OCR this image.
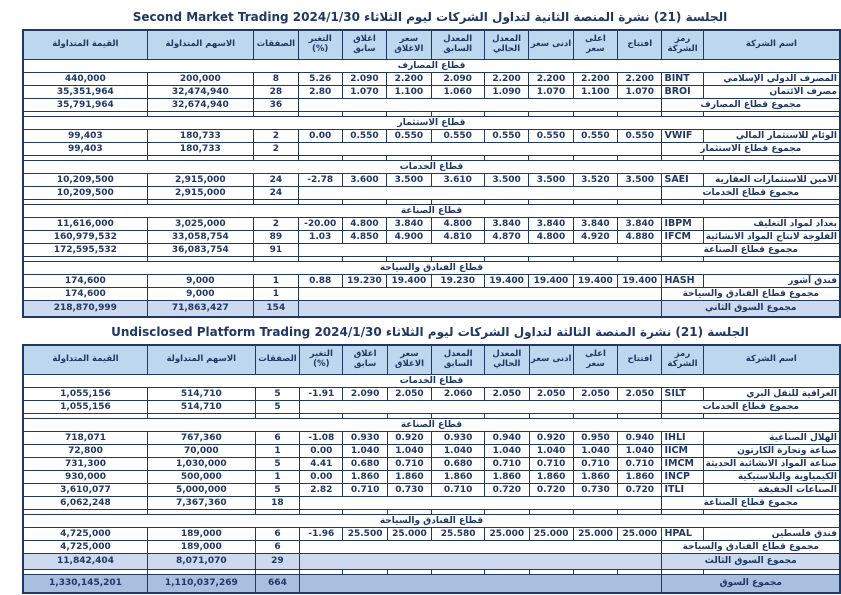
الجلسة (21) نشرة المنصة الثانية لتداول الشركات ليوم الثلاثاء Second Market Trading 2024/1/30
اسم الشركة	رمز الشركة	افتتاح	اعلى سعر	ادنى سعر	المعدل الحالي	المعدل السابق	سعر الاغلاق	اغلاق سابق	التغير (%)	الصفقات	الاسهم المتداولة	القيمة المتداولة
قطاع المصارف												
المصرف الدولي الإسلامي	BINT	2.200	2.200	2.200	2.200	2.090	2.200	2.090	5.26	8	200,000	440,000
مصرف الائتمان	BROI	1.070	1.100	1.070	1.090	1.060	1.100	1.070	2.80	28	32,474,940	35,351,964
مجموع قطاع المصارف										36	32,674,940	35,791,964

قطاع الاستثمار												
الوئام للاستثمار المالي	VWIF	0.550	0.550	0.550	0.550	0.550	0.550	0.550	0.00	2	180,733	99,403
مجموع قطاع الاستثمار										2	180,733	99,403

قطاع الخدمات												
الامين للاستثمارات العقارية	SAEI	3.500	3.520	3.500	3.500	3.610	3.500	3.600	-2.78	24	2,915,000	10,209,500
مجموع قطاع الخدمات										24	2,915,000	10,209,500

قطاع الصناعة												
بغداد لمواد التغليف	IBPM	3.840	3.840	3.840	3.840	4.800	3.840	4.800	-20.00	2	3,025,000	11,616,000
الفلوجة لانتاج المواد الانشائية	IFCM	4.880	4.920	4.800	4.870	4.810	4.900	4.850	1.03	89	33,058,754	160,979,532
مجموع قطاع الصناعة										91	36,083,754	172,595,532

قطاع الفنادق والسياحة												
فندق آشور	HASH	19.400	19.400	19.400	19.400	19.230	19.400	19.230	0.88	1	9,000	174,600
مجموع قطاع الفنادق والسياحة										1	9,000	174,600
مجموع السوق الثاني										154	71,863,427	218,870,999
الجلسة (21) نشرة المنصة الثالثة لتداول الشركات ليوم الثلاثاء Undisclosed Platform Trading 2024/1/30
اسم الشركة	رمز الشركة	افتتاح	اعلى سعر	ادنى سعر	المعدل الحالي	المعدل السابق	سعر الاغلاق	اغلاق سابق	التغير (%)	الصفقات	الاسهم المتداولة	القيمة المتداولة
قطاع الخدمات												
العراقية للنقل البري	SILT	2.050	2.050	2.050	2.050	2.060	2.050	2.090	-1.91	5	514,710	1,055,156
مجموع قطاع الخدمات										5	514,710	1,055,156

قطاع الصناعة												
الهلال الصناعية	IHLI	0.940	0.950	0.920	0.940	0.930	0.920	0.930	-1.08	6	767,360	718,071
صناعة وتجارة الكارتون	IICM	1.040	1.040	1.040	1.040	1.040	1.040	1.040	0.00	1	70,000	72,800
صناعة المواد الانشائية الحديثة	IMCM	0.710	0.710	0.710	0.710	0.680	0.710	0.680	4.41	5	1,030,000	731,300
الكيمياوية والبلاستيكية	INCP	1.860	1.860	1.860	1.860	1.860	1.860	1.860	0.00	1	500,000	930,000
الصناعات الخفيفة	ITLI	0.720	0.730	0.720	0.720	0.710	0.730	0.710	2.82	5	5,000,000	3,610,077
مجموع قطاع الصناعة										18	7,367,360	6,062,248

قطاع الفنادق والسياحة												
فندق فلسطين	HPAL	25.000	25.000	25.000	25.000	25.580	25.000	25.500	-1.96	6	189,000	4,725,000
مجموع قطاع الفنادق والسياحة										6	189,000	4,725,000
مجموع السوق الثالث										29	8,071,070	11,842,404

مجموع السوق										664	1,110,037,269	1,330,145,201
